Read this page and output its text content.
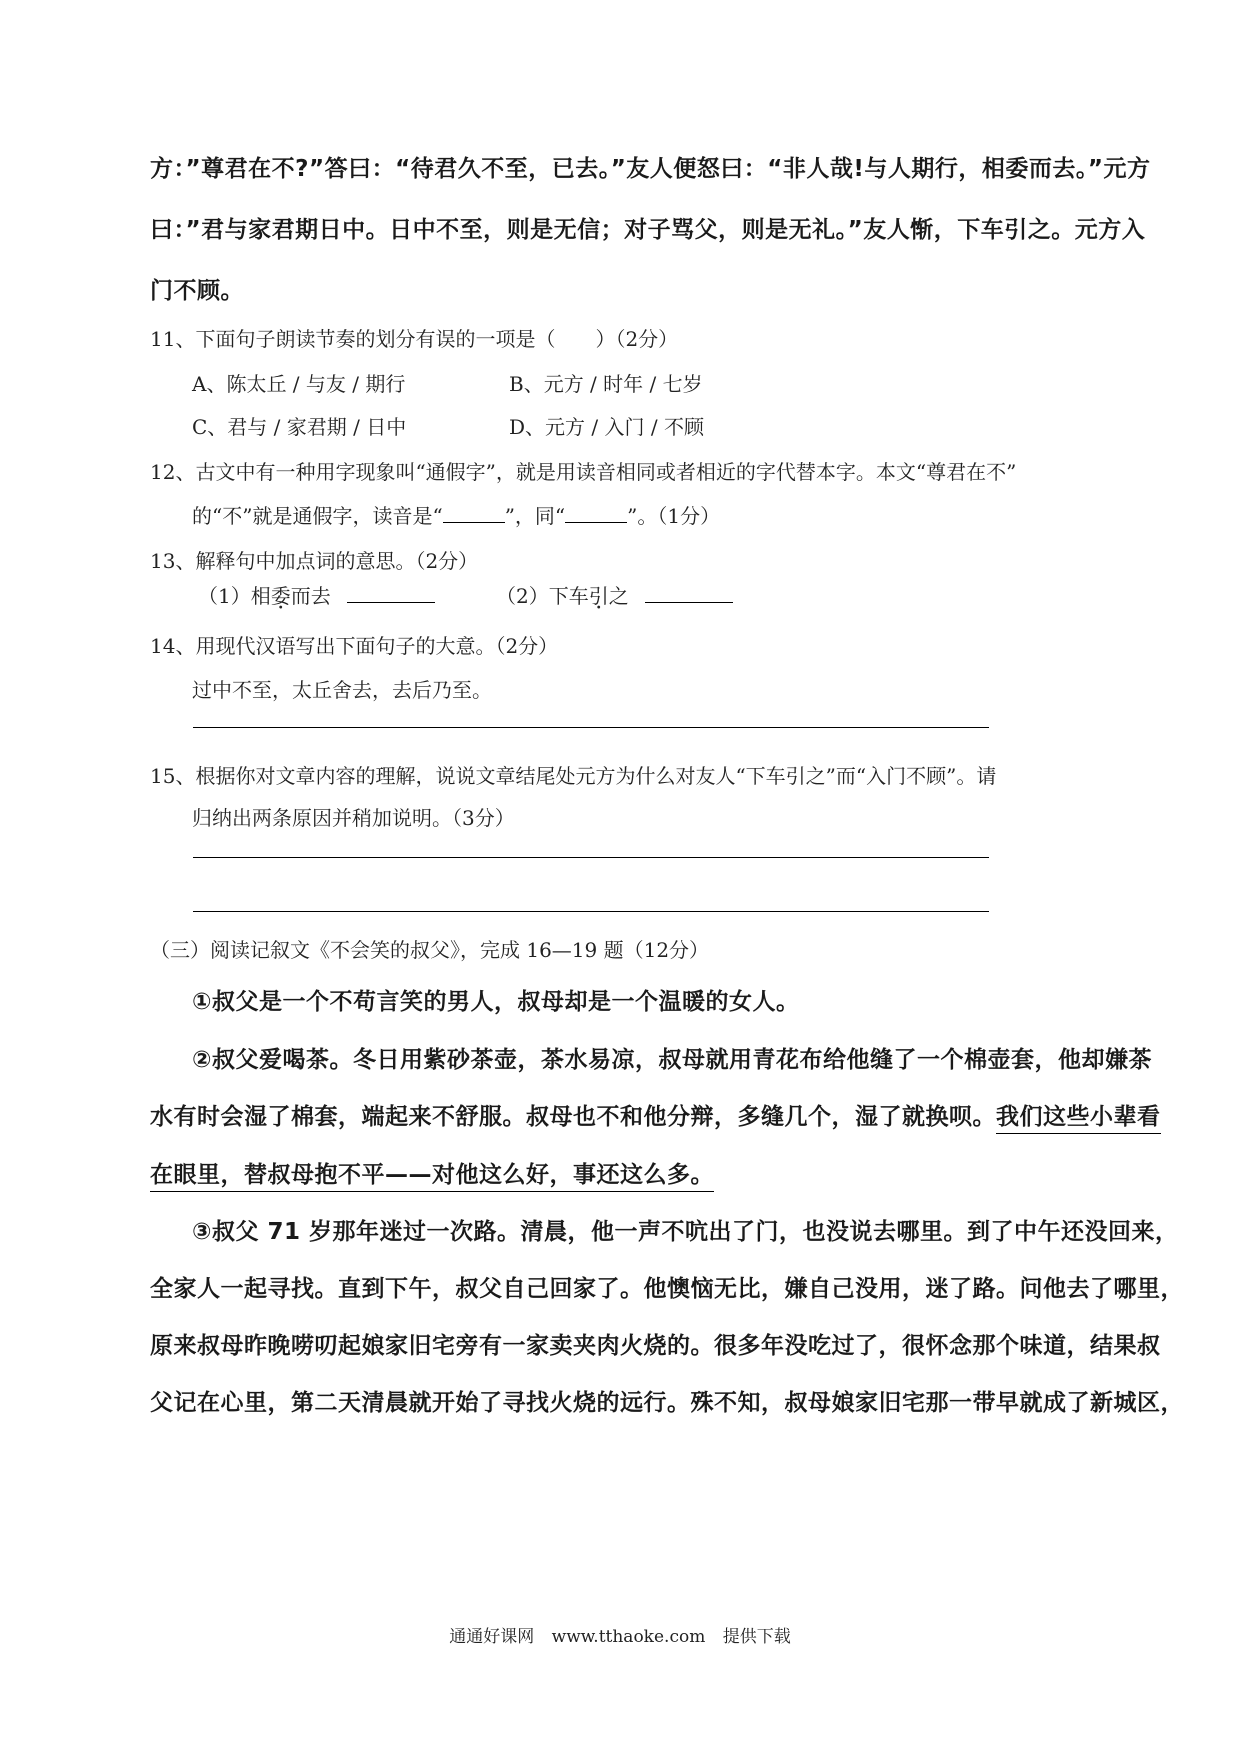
方：”尊君在不?”答曰：“待君久不至，已去。”友人便怒曰：“非人哉!与人期行，相委而去。”元方
曰：”君与家君期日中。日中不至，则是无信；对子骂父，则是无礼。”友人惭，下车引之。元方入
门不顾。
11、下面句子朗读节奏的划分有误的一项是（　　）（2分）
A、陈太丘 / 与友 / 期行	B、元方 / 时年 / 七岁
C、君与 / 家君期 / 日中	D、元方 / 入门 / 不顾
12、古文中有一种用字现象叫“通假字”，就是用读音相同或者相近的字代替本字。本文“尊君在不”
的“不”就是通假字，读音是“	”，同“	”。（1分）
13、解释句中加点词的意思。（2分）
（1）相委而去	（2）下车引之
14、用现代汉语写出下面句子的大意。（2分）
过中不至，太丘舍去，去后乃至。
15、根据你对文章内容的理解，说说文章结尾处元方为什么对友人“下车引之”而“入门不顾”。请
归纳出两条原因并稍加说明。（3分）
（三）阅读记叙文《不会笑的叔父》，完成 16—19 题（12分）
①叔父是一个不苟言笑的男人，叔母却是一个温暖的女人。
②叔父爱喝茶。冬日用紫砂茶壶，茶水易凉，叔母就用青花布给他缝了一个棉壶套，他却嫌茶
水有时会湿了棉套，端起来不舒服。叔母也不和他分辩，多缝几个，湿了就换呗。我们这些小辈看
在眼里，替叔母抱不平——对他这么好，事还这么多。
③叔父 71 岁那年迷过一次路。清晨，他一声不吭出了门，也没说去哪里。到了中午还没回来，
全家人一起寻找。直到下午，叔父自己回家了。他懊恼无比，嫌自己没用，迷了路。问他去了哪里，
原来叔母昨晚唠叨起娘家旧宅旁有一家卖夹肉火烧的。很多年没吃过了，很怀念那个味道，结果叔
父记在心里，第二天清晨就开始了寻找火烧的远行。殊不知，叔母娘家旧宅那一带早就成了新城区，
通通好课网 www.tthaoke.com 提供下载
